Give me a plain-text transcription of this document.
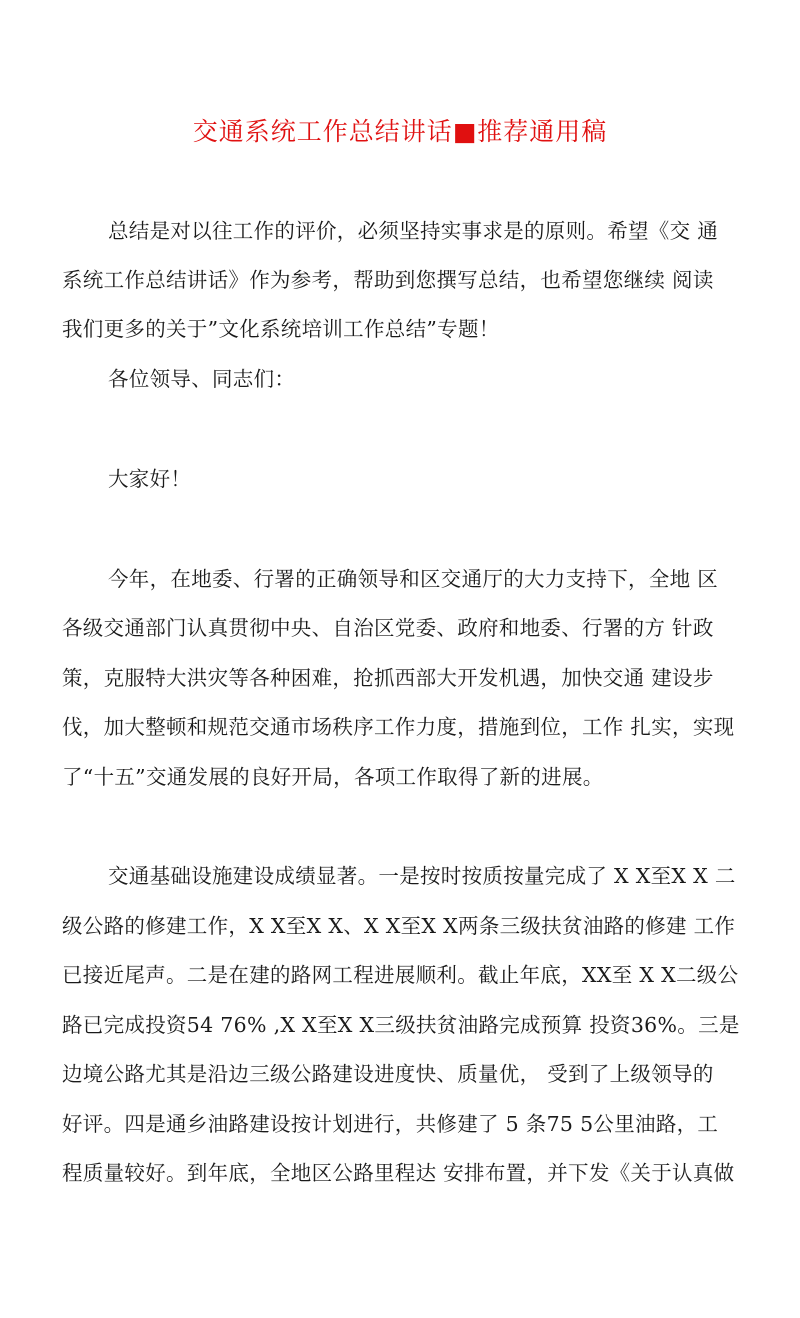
交通系统工作总结讲话■推荐通用稿
总结是对以往工作的评价，必须坚持实事求是的原则。希望《交 通
系统工作总结讲话》作为参考，帮助到您撰写总结，也希望您继续 阅读
我们更多的关于”文化系统培训工作总结”专题！
各位领导、同志们：
大家好！
今年，在地委、行署的正确领导和区交通厅的大力支持下，全地 区
各级交通部门认真贯彻中央、自治区党委、政府和地委、行署的方 针政
策，克服特大洪灾等各种困难，抢抓西部大开发机遇，加快交通 建设步
伐，加大整顿和规范交通市场秩序工作力度，措施到位，工作 扎实，实现
了“十五”交通发展的良好开局，各项工作取得了新的进展。
交通基础设施建设成绩显著。一是按时按质按量完成了 X X至X X 二
级公路的修建工作，X X至X X、X X至X X两条三级扶贫油路的修建 工作
已接近尾声。二是在建的路网工程进展顺利。截止年底，XX至 X X二级公
路已完成投资54 76% ,X X至X X三级扶贫油路完成预算 投资36%。三是
边境公路尤其是沿边三级公路建设进度快、质量优， 受到了上级领导的
好评。四是通乡油路建设按计划进行，共修建了 5 条75 5公里油路，工
程质量较好。到年底，全地区公路里程达 安排布置，并下发《关于认真做
